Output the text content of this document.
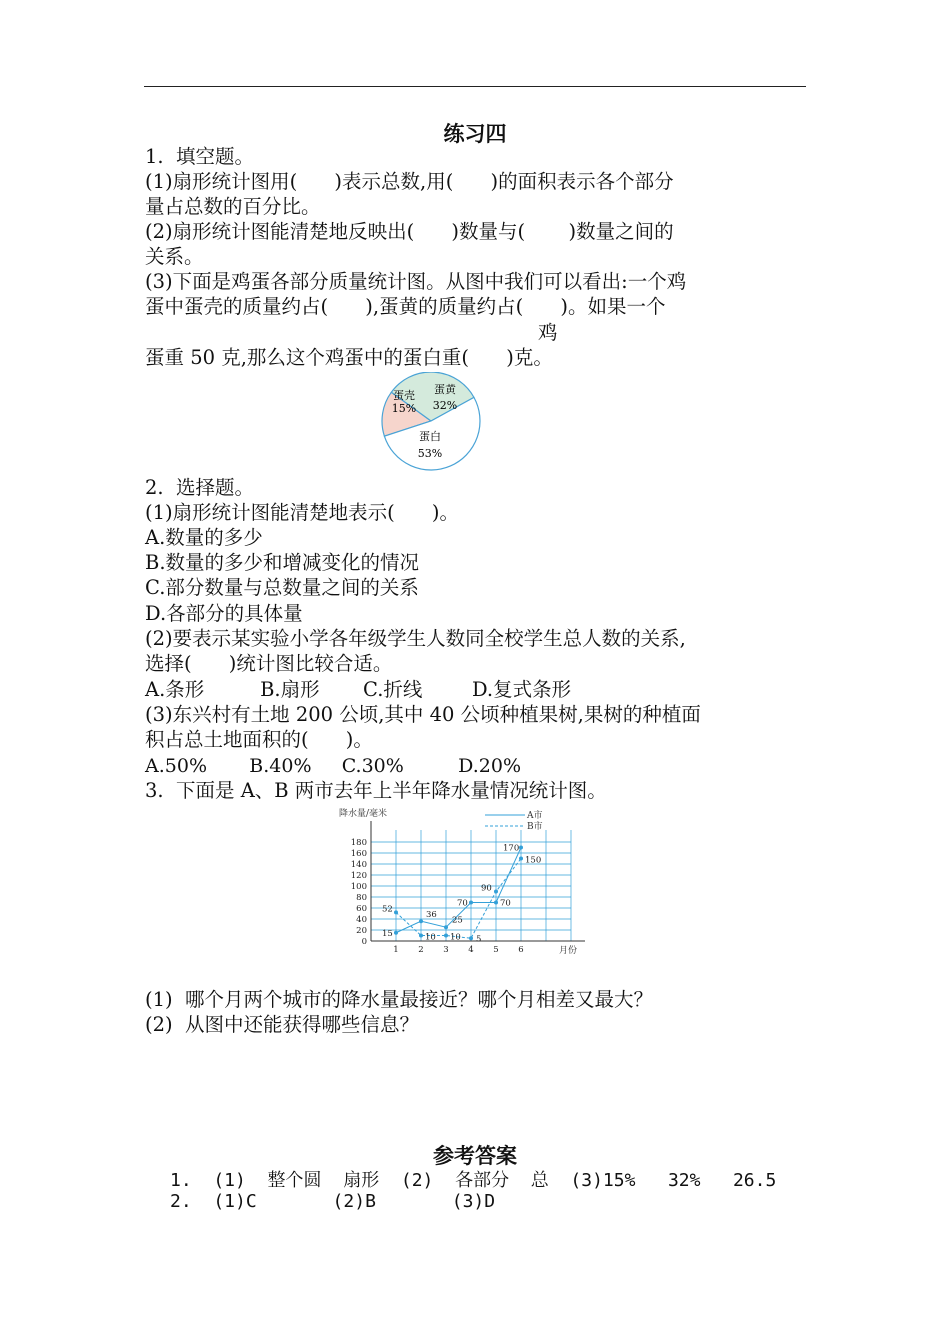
练习四
1.  填空题。
(1)扇形统计图用(      )表示总数,用(      )的面积表示各个部分
量占总数的百分比。
(2)扇形统计图能清楚地反映出(      )数量与(       )数量之间的
关系。
(3)下面是鸡蛋各部分质量统计图。从图中我们可以看出:一个鸡
蛋中蛋壳的质量约占(      ),蛋黄的质量约占(      )。如果一个
鸡
蛋重 50 克,那么这个鸡蛋中的蛋白重(      )克。
蛋壳
15%
蛋黄
32%
蛋白
53%
2.  选择题。
(1)扇形统计图能清楚地表示(      )。
A.数量的多少
B.数量的多少和增减变化的情况
C.部分数量与总数量之间的关系
D.各部分的具体量
(2)要表示某实验小学各年级学生人数同全校学生总人数的关系,
选择(      )统计图比较合适。
A.条形         B.扇形       C.折线        D.复式条形
(3)东兴村有土地 200 公顷,其中 40 公顷种植果树,果树的种植面
积占总土地面积的(      )。
A.50%       B.40%     C.30%         D.20%
3.  下面是 A、B 两市去年上半年降水量情况统计图。
降水量/毫米
月份
A市
B市
0
20
40
60
80
100
120
140
160
180
1 2 3 4 5 6
15
36
25
70	70
170
52
10 10 5
90
150
(1)  哪个月两个城市的降水量最接近？哪个月相差又最大？
(2)  从图中还能获得哪些信息？
参考答案
1.  (1)  整个圆  扇形  (2)  各部分  总  (3)15%   32%   26.5
2.  (1)C       (2)B       (3)D
